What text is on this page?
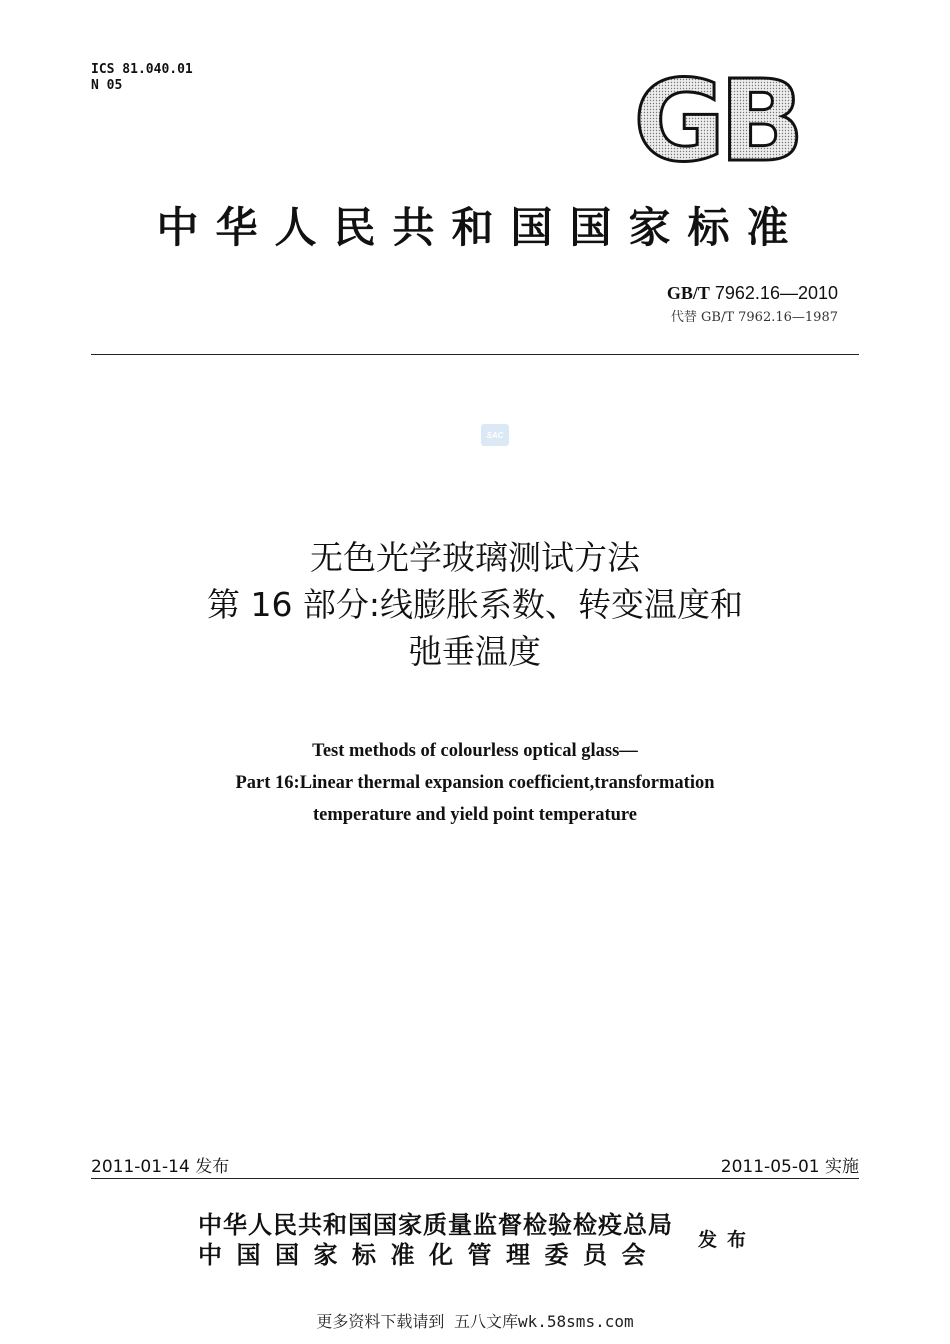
ICS 81.040.01
N 05	GB
中华人民共和国国家标准
GB/T 7962.16—2010
代替 GB/T 7962.16—1987
SAC
无色光学玻璃测试方法
第 16 部分:线膨胀系数、转变温度和
弛垂温度
Test methods of colourless optical glass—
Part 16:Linear thermal expansion coefficient,transformation
temperature and yield point temperature
2011-01-14 发布	2011-05-01 实施
中华人民共和国国家质量监督检验检疫总局
中国国家标准化管理委员会	发布
更多资料下载请到 五八文库wk.58sms.com
